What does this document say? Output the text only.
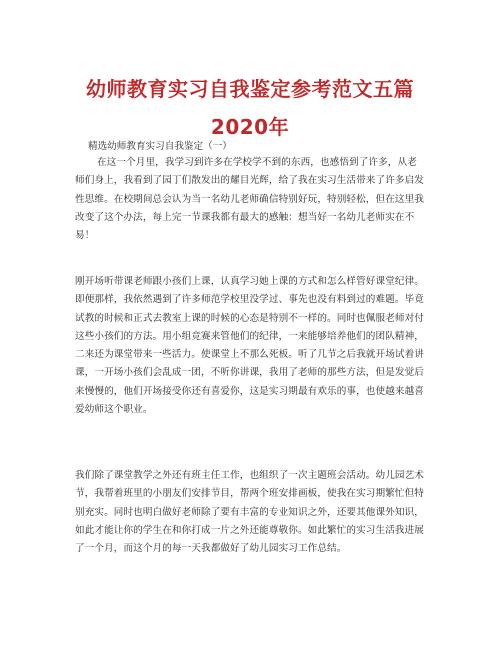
幼师教育实习自我鉴定参考范文五篇2020年
精选幼师教育实习自我鉴定（一）
在这一个月里，我学习到许多在学校学不到的东西，也感悟到了许多，从老师们身上，我看到了园丁们散发出的耀目光辉，给了我在实习生活带来了许多启发性思维。在校期间总会认为当一名幼儿老师确信特别好玩，特别轻松，但在这里我改变了这个办法，每上完一节课我都有最大的感触：想当好一名幼儿老师实在不易！
刚开场听带课老师跟小孩们上课，认真学习她上课的方式和怎么样管好课堂纪律。即便那样，我依然遇到了许多师范学校里没学过、事先也没有料到过的难题。毕竟试教的时候和正式去教室上课的时候的心态是特别不一样的。同时也佩服老师对付这些小孩们的方法。用小组竞赛来管他们的纪律，一来能够培养他们的团队精神，二来还为课堂带来一些活力。使课堂上不那么死板。听了几节之后我就开场试着讲课，一开场小孩们会乱成一团，不听你讲课，我用了老师的那些方法，但是发觉后来慢慢的，他们开场接受你还有喜爱你，这是实习期最有欢乐的事，也使越来越喜爱幼师这个职业。
我们除了课堂教学之外还有班主任工作，也组织了一次主题班会活动。幼儿园艺术节，我帮着班里的小朋友们安排节目，帮两个班安排画板，使我在实习期繁忙但特别充实。同时也明白做好老师除了要有丰富的专业知识之外，还要其他课外知识，如此才能让你的学生在和你打成一片之外还能尊敬你。如此繁忙的实习生活我进展了一个月，而这个月的每一天我都做好了幼儿园实习工作总结。
